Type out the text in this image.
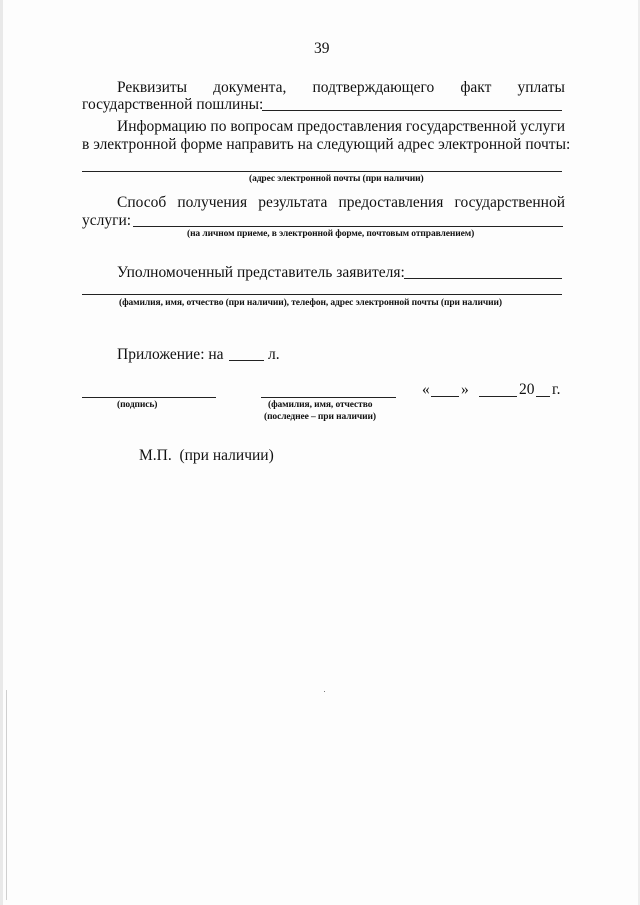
39
Реквизиты документа, подтверждающего факт уплаты
государственной пошлины:
Информацию по вопросам предоставления государственной услуги
в электронной форме направить на следующий адрес электронной почты:
(адрес электронной почты (при наличии)
Способ получения результата предоставления государственной
услуги:
(на личном приеме, в электронной форме, почтовым отправлением)
Уполномоченный представитель заявителя:
(фамилия, имя, отчество (при наличии), телефон, адрес электронной почты (при наличии)
Приложение: на	л.
(подпись)	(фамилия, имя, отчество
(последнее – при наличии)
« »	20 г.
М.П.  (при наличии)
